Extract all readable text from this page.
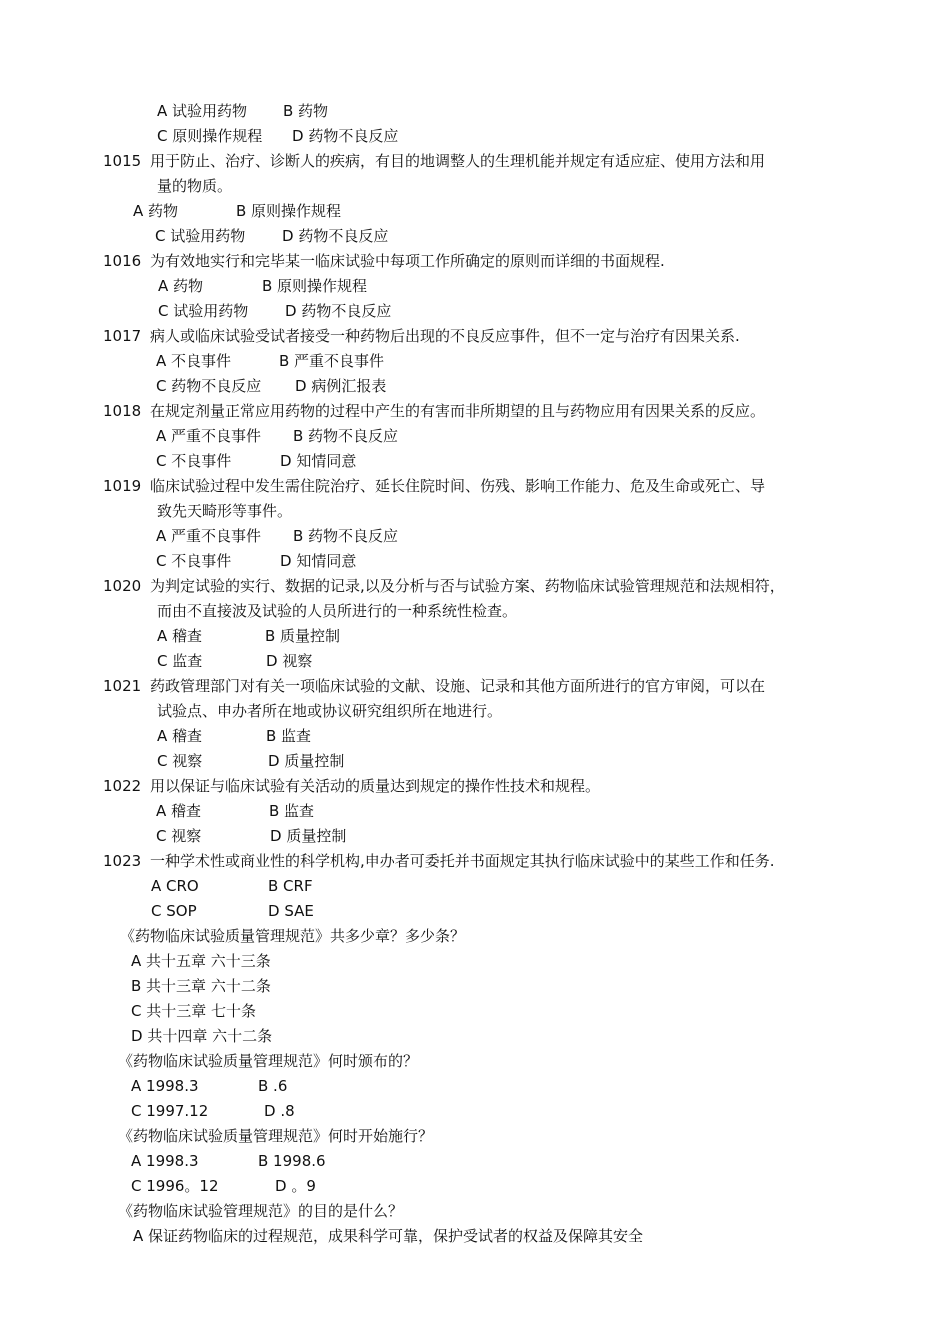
A 试验用药物 B 药物
C 原则操作规程 D 药物不良反应
1015 用于防止、治疗、诊断人的疾病，有目的地调整人的生理机能并规定有适应症、使用方法和用
量的物质。
A 药物	B 原则操作规程
C 试验用药物 D 药物不良反应
1016 为有效地实行和完毕某一临床试验中每项工作所确定的原则而详细的书面规程.
A 药物	B 原则操作规程
C 试验用药物 D 药物不良反应
1017 病人或临床试验受试者接受一种药物后出现的不良反应事件，但不一定与治疗有因果关系.
A 不良事件	B 严重不良事件
C 药物不良反应 D 病例汇报表
1018 在规定剂量正常应用药物的过程中产生的有害而非所期望的且与药物应用有因果关系的反应。
A 严重不良事件 B 药物不良反应
C 不良事件	D 知情同意
1019 临床试验过程中发生需住院治疗、延长住院时间、伤残、影响工作能力、危及生命或死亡、导
致先天畸形等事件。
A 严重不良事件 B 药物不良反应
C 不良事件	D 知情同意
1020 为判定试验的实行、数据的记录,以及分析与否与试验方案、药物临床试验管理规范和法规相符，
而由不直接波及试验的人员所进行的一种系统性检查。
A 稽查	B 质量控制
C 监查	D 视察
1021 药政管理部门对有关一项临床试验的文献、设施、记录和其他方面所进行的官方审阅，可以在
试验点、申办者所在地或协议研究组织所在地进行。
A 稽查	B 监查
C 视察	D 质量控制
1022 用以保证与临床试验有关活动的质量达到规定的操作性技术和规程。
A 稽查	B 监查
C 视察	D 质量控制
1023 一种学术性或商业性的科学机构,申办者可委托并书面规定其执行临床试验中的某些工作和任务.
A CRO	B CRF
C SOP	D SAE
《药物临床试验质量管理规范》共多少章？多少条？
A 共十五章 六十三条
B 共十三章 六十二条
C 共十三章 七十条
D 共十四章 六十二条
《药物临床试验质量管理规范》何时颁布的？
A 1998.3	B .6
C 1997.12	D .8
《药物临床试验质量管理规范》何时开始施行？
A 1998.3	B 1998.6
C 1996。12	D 。9
《药物临床试验管理规范》的目的是什么？
A 保证药物临床的过程规范，成果科学可靠，保护受试者的权益及保障其安全
